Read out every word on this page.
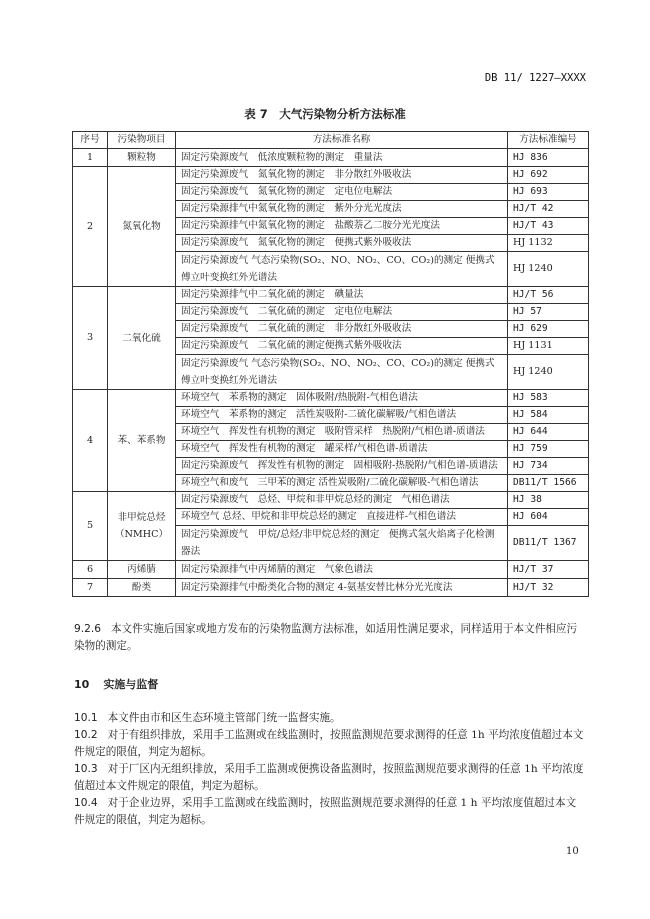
DB 11/ 1227—XXXX
表 7　大气污染物分析方法标准
序号	污染物项目	方法标准名称	方法标准编号
1	颗粒物	固定污染源废气　低浓度颗粒物的测定　重量法	HJ 836
2	氮氧化物	固定污染源废气　氮氧化物的测定　非分散红外吸收法	HJ 692
		固定污染源废气　氮氧化物的测定　定电位电解法	HJ 693
		固定污染源排气中氮氧化物的测定　紫外分光光度法	HJ/T 42
		固定污染源排气中氮氧化物的测定　盐酸萘乙二胺分光光度法	HJ/T 43
		固定污染源废气　氮氧化物的测定　便携式紫外吸收法	HJ 1132
		固定污染源废气 气态污染物(SO₂、NO、NO₂、CO、CO₂)的测定 便携式傅立叶变换红外光谱法	HJ 1240
3	二氧化硫	固定污染源排气中二氧化硫的测定　碘量法	HJ/T 56
		固定污染源废气　二氧化硫的测定　定电位电解法	HJ 57
		固定污染源废气　二氧化硫的测定　非分散红外吸收法	HJ 629
		固定污染源废气　二氧化硫的测定便携式紫外吸收法	HJ 1131
		固定污染源废气 气态污染物(SO₂、NO、NO₂、CO、CO₂)的测定 便携式傅立叶变换红外光谱法	HJ 1240
4	苯、苯系物	环境空气　苯系物的测定　固体吸附/热脱附-气相色谱法	HJ 583
		环境空气　苯系物的测定　活性炭吸附-二硫化碳解吸/气相色谱法	HJ 584
		环境空气　挥发性有机物的测定　吸附管采样　热脱附/气相色谱-质谱法	HJ 644
		环境空气　挥发性有机物的测定　罐采样/气相色谱-质谱法	HJ 759
		固定污染源废气　挥发性有机物的测定　固相吸附-热脱附/气相色谱-质谱法	HJ 734
		环境空气和废气　三甲苯的测定 活性炭吸附/二硫化碳解吸-气相色谱法	DB11/T 1566
5	非甲烷总烃（NMHC）	固定污染源废气　总烃、甲烷和非甲烷总烃的测定　气相色谱法	HJ 38
		环境空气 总烃、甲烷和非甲烷总烃的测定　直接进样-气相色谱法	HJ 604
		固定污染源废气　甲烷/总烃/非甲烷总烃的测定　便携式氢火焰离子化检测器法	DB11/T 1367
6	丙烯腈	固定污染源排气中丙烯腈的测定　气象色谱法	HJ/T 37
7	酚类	固定污染源排气中酚类化合物的测定 4-氨基安替比林分光光度法	HJ/T 32
9.2.6 本文件实施后国家或地方发布的污染物监测方法标准，如适用性满足要求，同样适用于本文件相应污染物的测定。
10 实施与监督
10.1 本文件由市和区生态环境主管部门统一监督实施。
10.2 对于有组织排放，采用手工监测或在线监测时，按照监测规范要求测得的任意 1h 平均浓度值超过本文件规定的限值，判定为超标。
10.3 对于厂区内无组织排放，采用手工监测或便携设备监测时，按照监测规范要求测得的任意 1h 平均浓度值超过本文件规定的限值，判定为超标。
10.4 对于企业边界，采用手工监测或在线监测时，按照监测规范要求测得的任意 1 h 平均浓度值超过本文件规定的限值，判定为超标。
10
